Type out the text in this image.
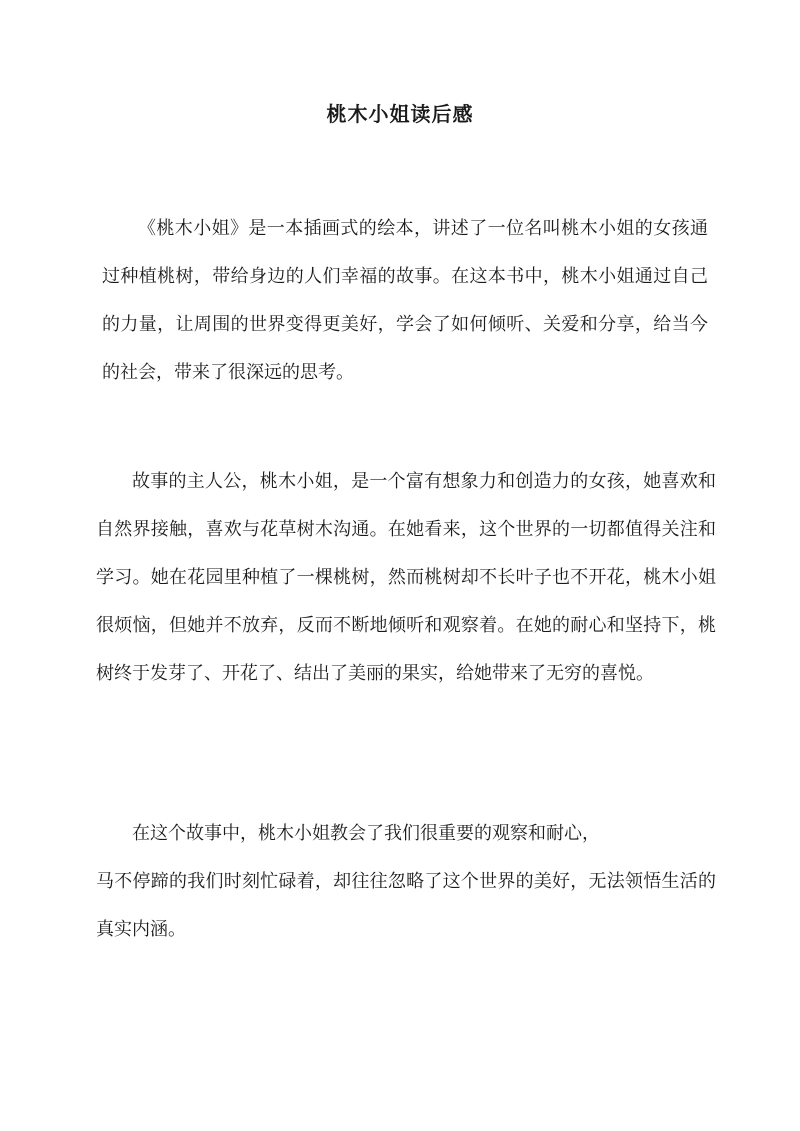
桃木小姐读后感

《桃木小姐》是一本插画式的绘本，讲述了一位名叫桃木小姐的女孩通过种植桃树，带给身边的人们幸福的故事。在这本书中，桃木小姐通过自己的力量，让周围的世界变得更美好，学会了如何倾听、关爱和分享，给当今的社会，带来了很深远的思考。

故事的主人公，桃木小姐，是一个富有想象力和创造力的女孩，她喜欢和自然界接触，喜欢与花草树木沟通。在她看来，这个世界的一切都值得关注和学习。她在花园里种植了一棵桃树，然而桃树却不长叶子也不开花，桃木小姐很烦恼，但她并不放弃，反而不断地倾听和观察着。在她的耐心和坚持下，桃树终于发芽了、开花了、结出了美丽的果实，给她带来了无穷的喜悦。

在这个故事中，桃木小姐教会了我们很重要的观察和耐心，
马不停蹄的我们时刻忙碌着，却往往忽略了这个世界的美好，无法领悟生活的真实内涵。
